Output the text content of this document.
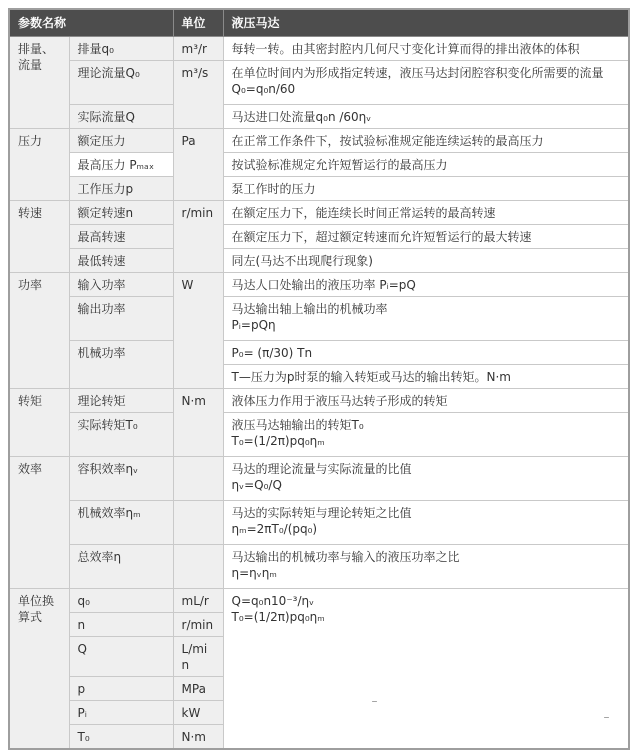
参数名称		单位	液压马达
排量、流量	排量q₀	m³/r	每转一转。由其密封腔内几何尺寸变化计算而得的排出液体的体积
	理论流量Q₀	m³/s	在单位时间内为形成指定转速，液压马达封闭腔容积变化所需要的流量
Q₀=q₀n/60

	实际流量Q		马达进口处流量q₀n /60ηᵥ
压力	额定压力	Pa	在正常工作条件下，按试验标准规定能连续运转的最高压力
	最高压力 Pₘₐₓ		按试验标准规定允许短暂运行的最高压力
	工作压力p		泵工作时的压力
转速	额定转速n	r/min	在额定压力下，能连续长时间正常运转的最高转速
	最高转速		在额定压力下，超过额定转速而允许短暂运行的最大转速
	最低转速		同左(马达不出现爬行现象)
功率	输入功率	W	马达人口处输出的液压功率 Pᵢ=pQ
	输出功率		马达输出轴上输出的机械功率
Pᵢ=pQη

	机械功率		P₀= (π/30) Tn
			T—压力为p时泵的输入转矩或马达的输出转矩。N·m
转矩	理论转矩	N·m	液体压力作用于液压马达转子形成的转矩
	实际转矩T₀		液压马达轴输出的转矩T₀
T₀=(1/2π)pq₀ηₘ

效率	容积效率ηᵥ		马达的理论流量与实际流量的比值
ηᵥ=Q₀/Q

	机械效率ηₘ		马达的实际转矩与理论转矩之比值
ηₘ=2πT₀/(pq₀)

	总效率η		马达输出的机械功率与输入的液压功率之比
η=ηᵥηₘ

单位换算式	q₀	mL/r	Q=q₀n10⁻³/ηᵥ
T₀=(1/2π)pq₀ηₘ
–
–

	n	r/min	
	Q	L/min	
	p	MPa	
	Pᵢ	kW	
	T₀	N·m	
